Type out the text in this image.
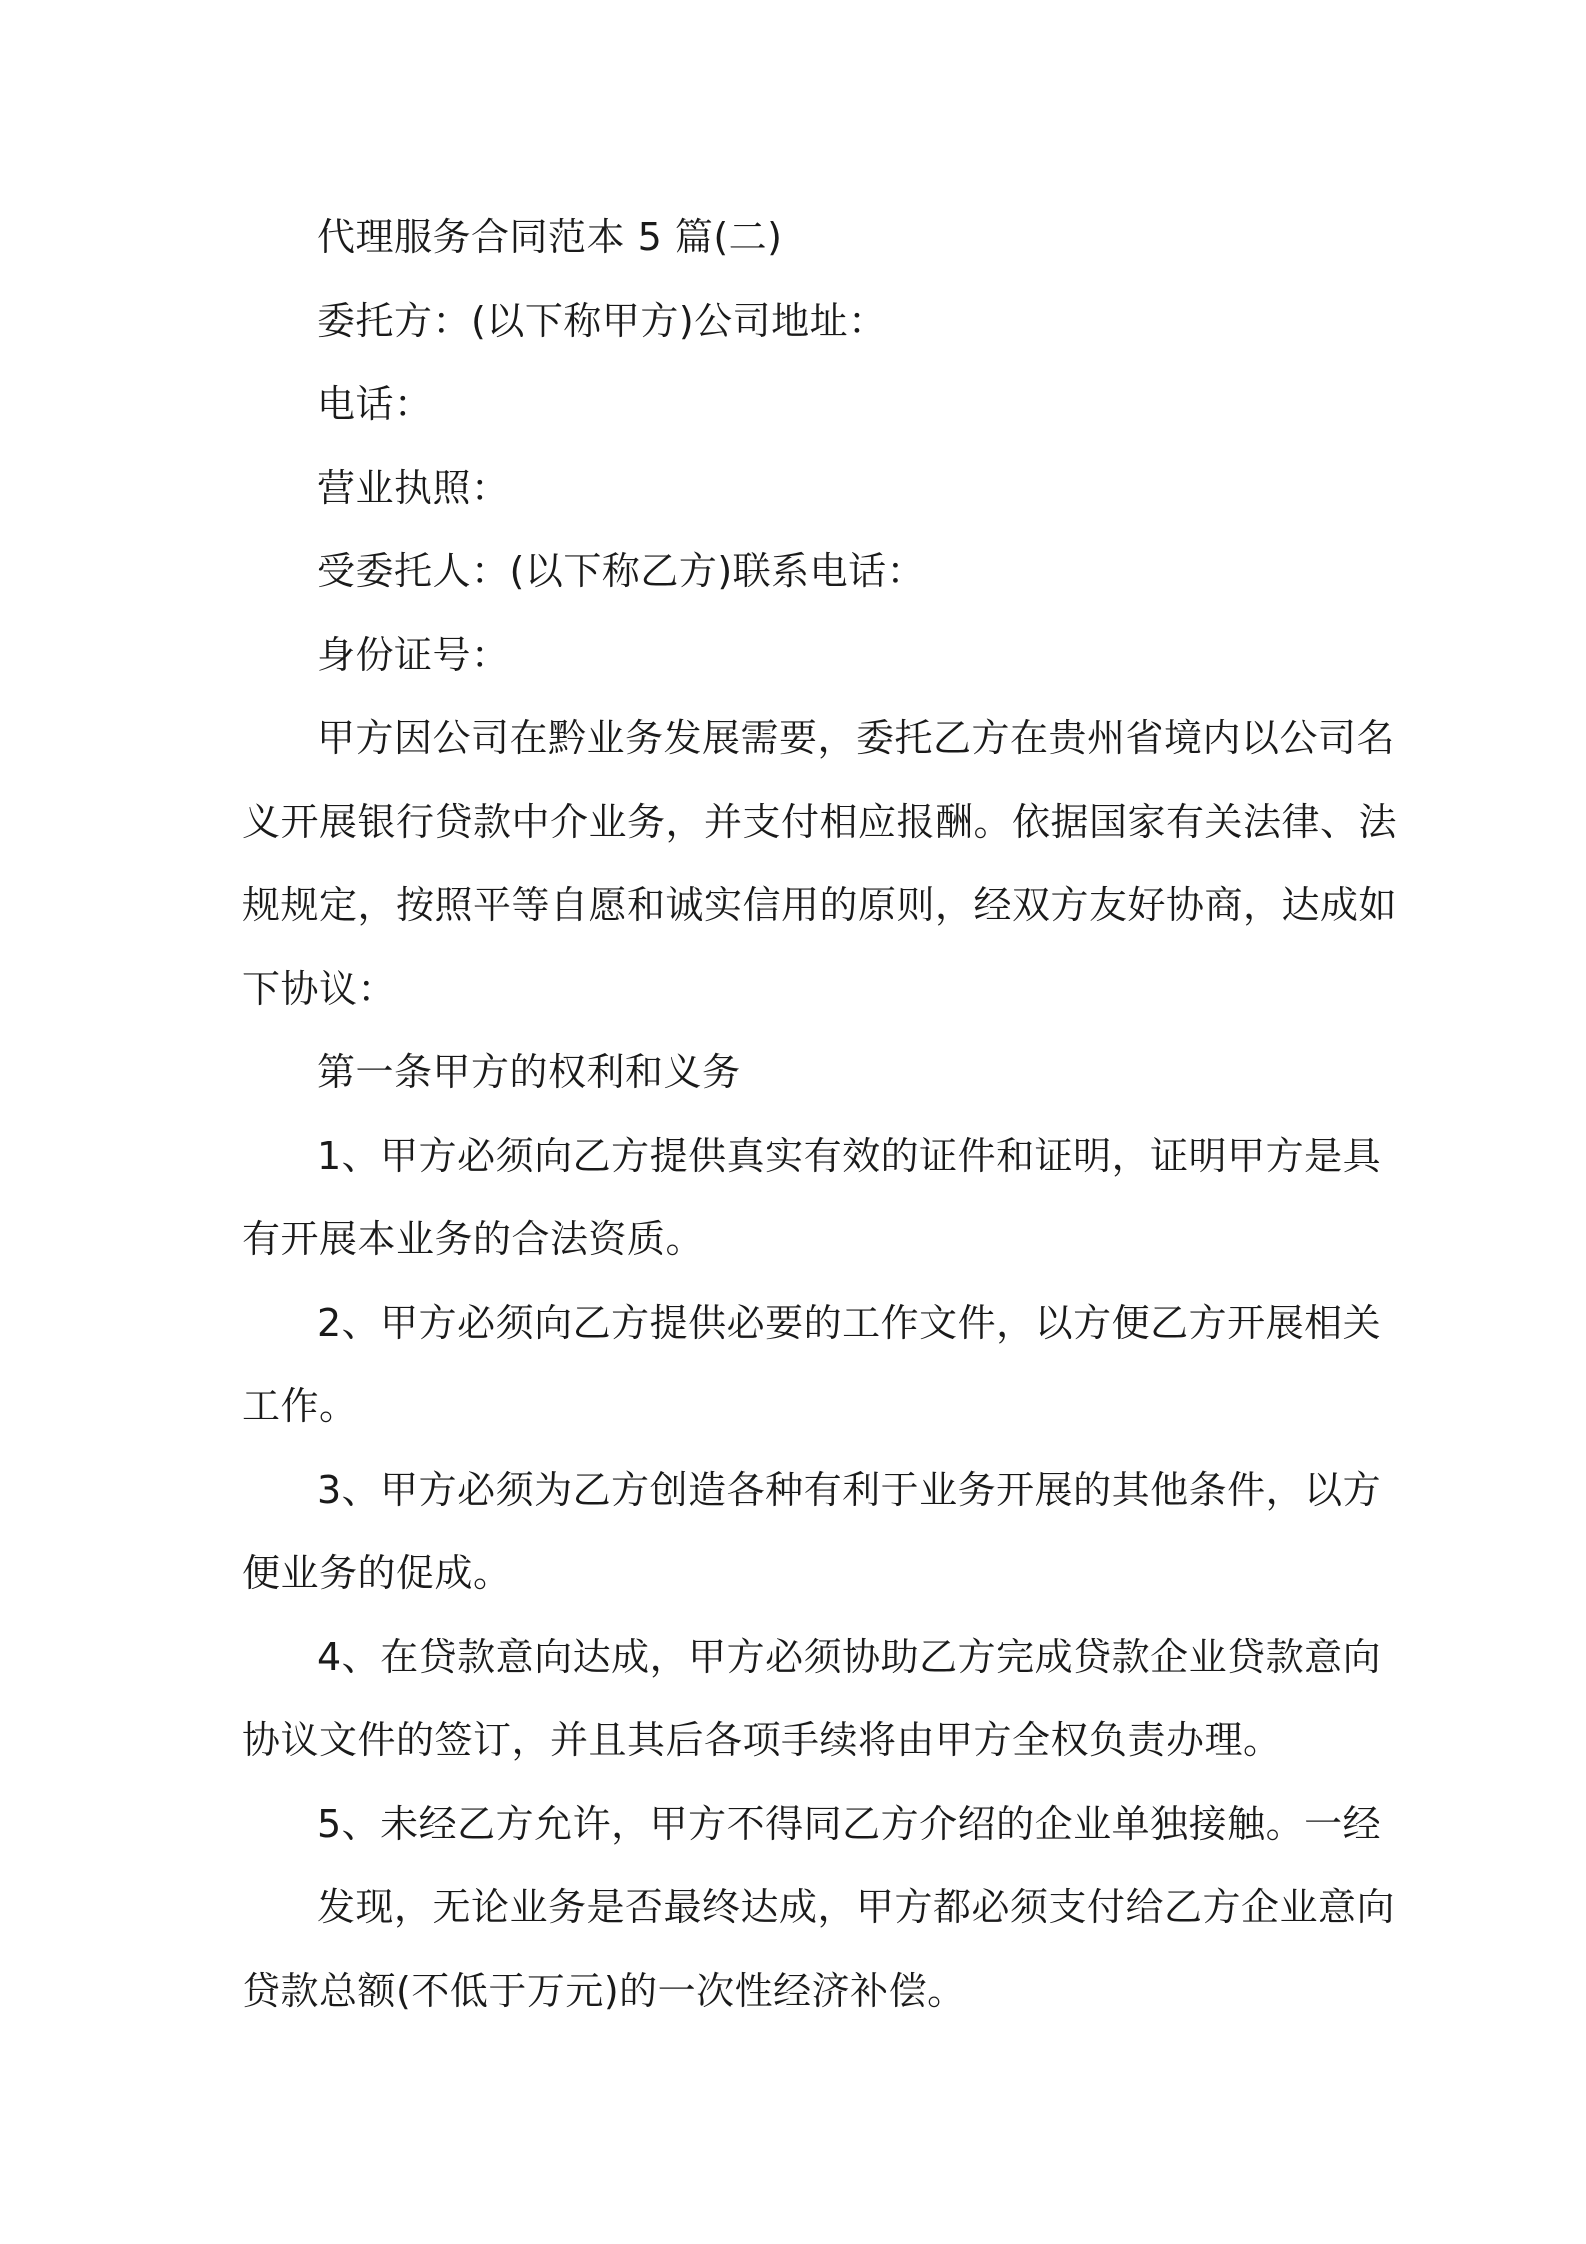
代理服务合同范本 5 篇(二)

委托方：(以下称甲方)公司地址：

电话：

营业执照：

受委托人：(以下称乙方)联系电话：

身份证号：

甲方因公司在黔业务发展需要，委托乙方在贵州省境内以公司名
义开展银行贷款中介业务，并支付相应报酬。依据国家有关法律、法
规规定，按照平等自愿和诚实信用的原则，经双方友好协商，达成如
下协议：

第一条甲方的权利和义务

1、甲方必须向乙方提供真实有效的证件和证明，证明甲方是具
有开展本业务的合法资质。
2、甲方必须向乙方提供必要的工作文件，以方便乙方开展相关
工作。
3、甲方必须为乙方创造各种有利于业务开展的其他条件，以方
便业务的促成。
4、在贷款意向达成，甲方必须协助乙方完成贷款企业贷款意向
协议文件的签订，并且其后各项手续将由甲方全权负责办理。
5、未经乙方允许，甲方不得同乙方介绍的企业单独接触。一经
发现，无论业务是否最终达成，甲方都必须支付给乙方企业意向
贷款总额(不低于万元)的一次性经济补偿。
